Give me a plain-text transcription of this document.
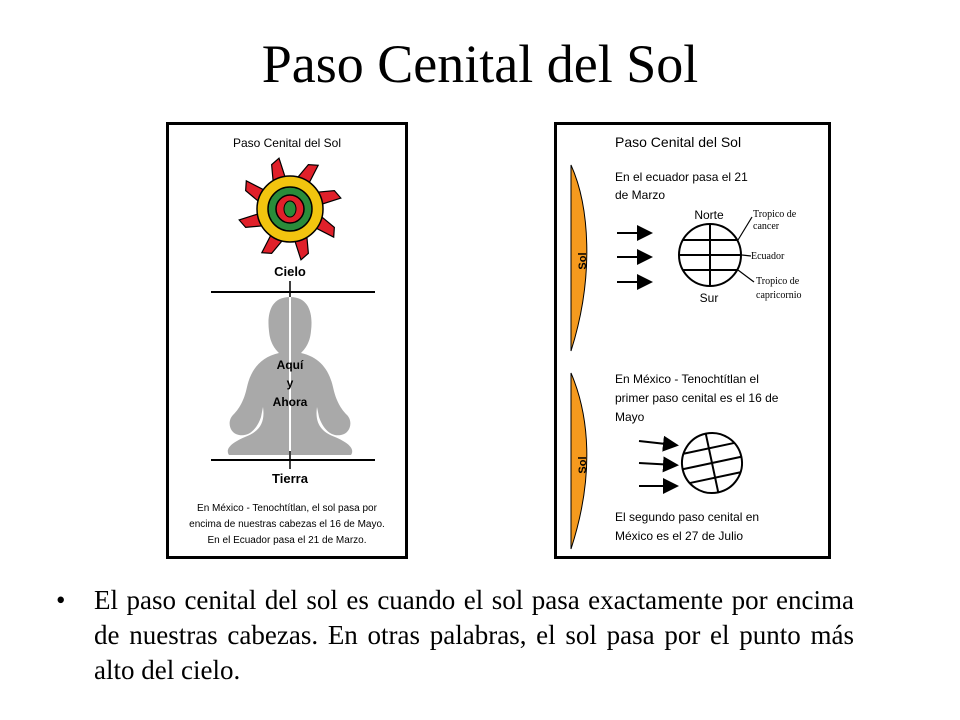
Paso Cenital del Sol
Paso Cenital del Sol
Cielo
Aquí
y
Ahora
Tierra
En México - Tenochtítlan, el sol pasa por
encima de nuestras cabezas el 16 de Mayo.
En el Ecuador pasa el 21 de Marzo.
Paso Cenital del Sol
Sol
En el ecuador pasa el 21
de Marzo
Norte
Sur
Tropico de
cancer
Ecuador
Tropico de
capricornio
Sol
En México - Tenochtítlan el
primer paso cenital es el 16 de
Mayo
El segundo paso cenital en
México es el 27 de Julio
•	El paso cenital del sol es cuando el sol pasa exactamente por encima de nuestras cabezas. En otras palabras, el sol pasa por el punto más alto del cielo.
